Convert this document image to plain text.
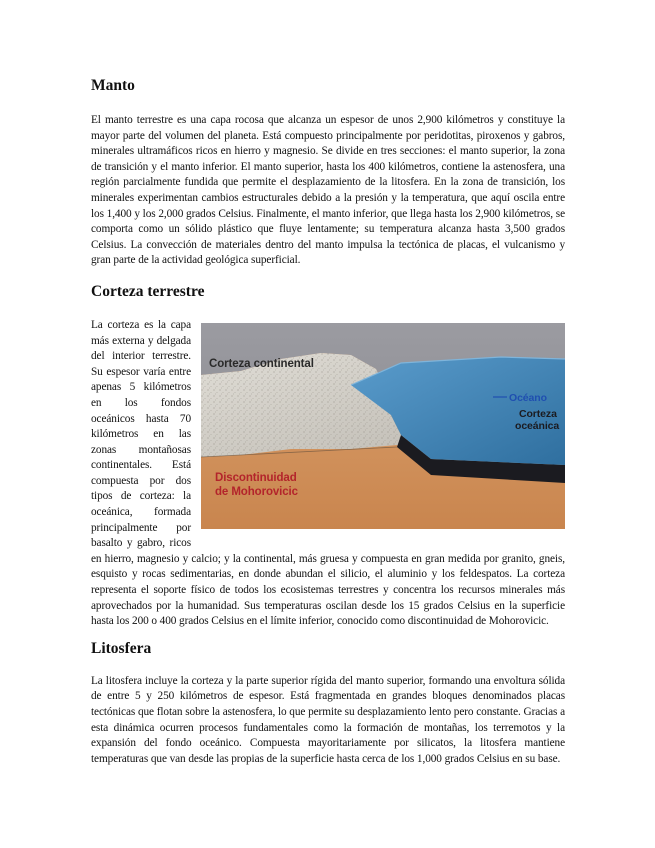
Manto

El manto terrestre es una capa rocosa que alcanza un espesor de unos 2,900 kilómetros y constituye la mayor parte del volumen del planeta. Está compuesto principalmente por peridotitas, piroxenos y gabros, minerales ultramáficos ricos en hierro y magnesio. Se divide en tres secciones: el manto superior, la zona de transición y el manto inferior. El manto superior, hasta los 400 kilómetros, contiene la astenosfera, una región parcialmente fundida que permite el desplazamiento de la litosfera. En la zona de transición, los minerales experimentan cambios estructurales debido a la presión y la temperatura, que aquí oscila entre los 1,400 y los 2,000 grados Celsius. Finalmente, el manto inferior, que llega hasta los 2,900 kilómetros, se comporta como un sólido plástico que fluye lentamente; su temperatura alcanza hasta 3,500 grados Celsius. La convección de materiales dentro del manto impulsa la tectónica de placas, el vulcanismo y gran parte de la actividad geológica superficial.

Corteza terrestre

Corteza continental
Océano
Corteza
oceánica
Discontinuidad
de Mohorovicic
La corteza es la capa más externa y delgada del interior terrestre. Su espesor varía entre apenas 5 kilómetros en los fondos oceánicos hasta 70 kilómetros en las zonas montañosas continentales. Está compuesta por dos tipos de corteza: la oceánica, formada principalmente por basalto y gabro, ricos en hierro, magnesio y calcio; y la continental, más gruesa y compuesta en gran medida por granito, gneis, esquisto y rocas sedimentarias, en donde abundan el silicio, el aluminio y los feldespatos. La corteza representa el soporte físico de todos los ecosistemas terrestres y concentra los recursos minerales más aprovechados por la humanidad. Sus temperaturas oscilan desde los 15 grados Celsius en la superficie hasta los 200 o 400 grados Celsius en el límite inferior, conocido como discontinuidad de Mohorovicic.

Litosfera

La litosfera incluye la corteza y la parte superior rígida del manto superior, formando una envoltura sólida de entre 5 y 250 kilómetros de espesor. Está fragmentada en grandes bloques denominados placas tectónicas que flotan sobre la astenosfera, lo que permite su desplazamiento lento pero constante. Gracias a esta dinámica ocurren procesos fundamentales como la formación de montañas, los terremotos y la expansión del fondo oceánico. Compuesta mayoritariamente por silicatos, la litosfera mantiene temperaturas que van desde las propias de la superficie hasta cerca de los 1,000 grados Celsius en su base.
